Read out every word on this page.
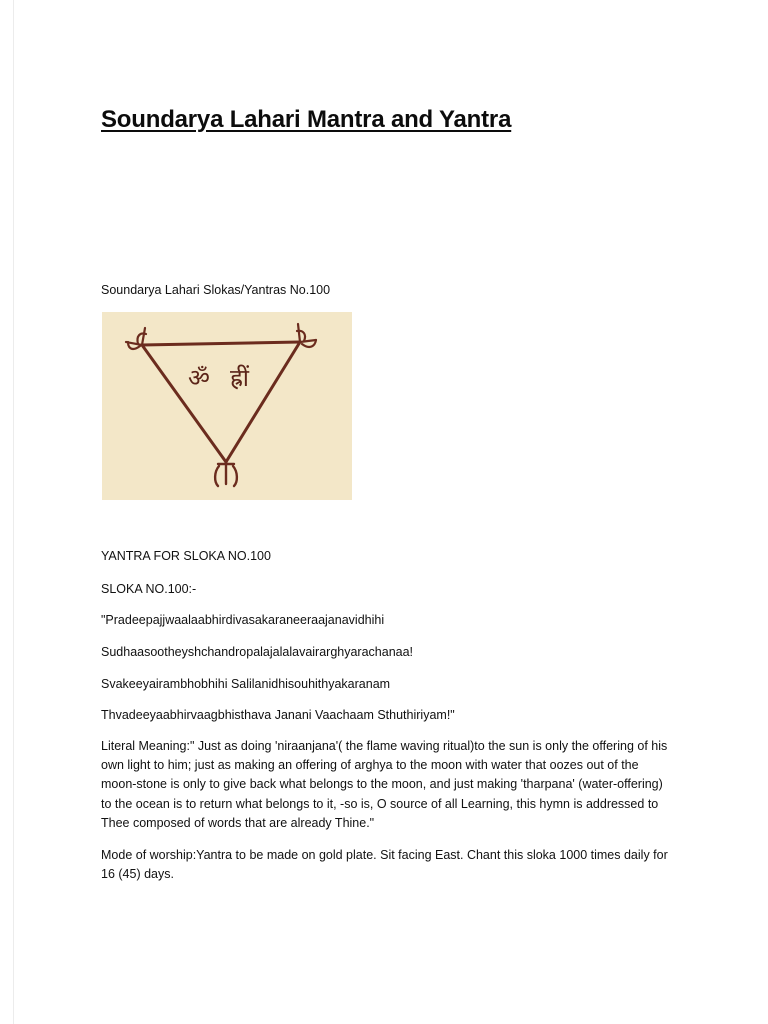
Soundarya Lahari Mantra and Yantra
Soundarya Lahari Slokas/Yantras No.100
ॐ ह्रीं
YANTRA FOR SLOKA NO.100
SLOKA NO.100:-
"Pradeepajjwaalaabhirdivasakaraneeraajanavidhihi
Sudhaasootheyshchandropalajalalavairarghyarachanaa!
Svakeeyairambhobhihi Salilanidhisouhithyakaranam
Thvadeeyaabhirvaagbhisthava Janani Vaachaam Sthuthiriyam!"
Literal Meaning:" Just as doing 'niraanjana'( the flame waving ritual)to the sun is only the offering of his own light to him; just as making an offering of arghya to the moon with water that oozes out of the moon-stone is only to give back what belongs to the moon, and just making 'tharpana' (water-offering) to the ocean is to return what belongs to it, -so is, O source of all Learning, this hymn is addressed to Thee composed of words that are already Thine."
Mode of worship:Yantra to be made on gold plate. Sit facing East. Chant this sloka 1000 times daily for 16 (45) days.
